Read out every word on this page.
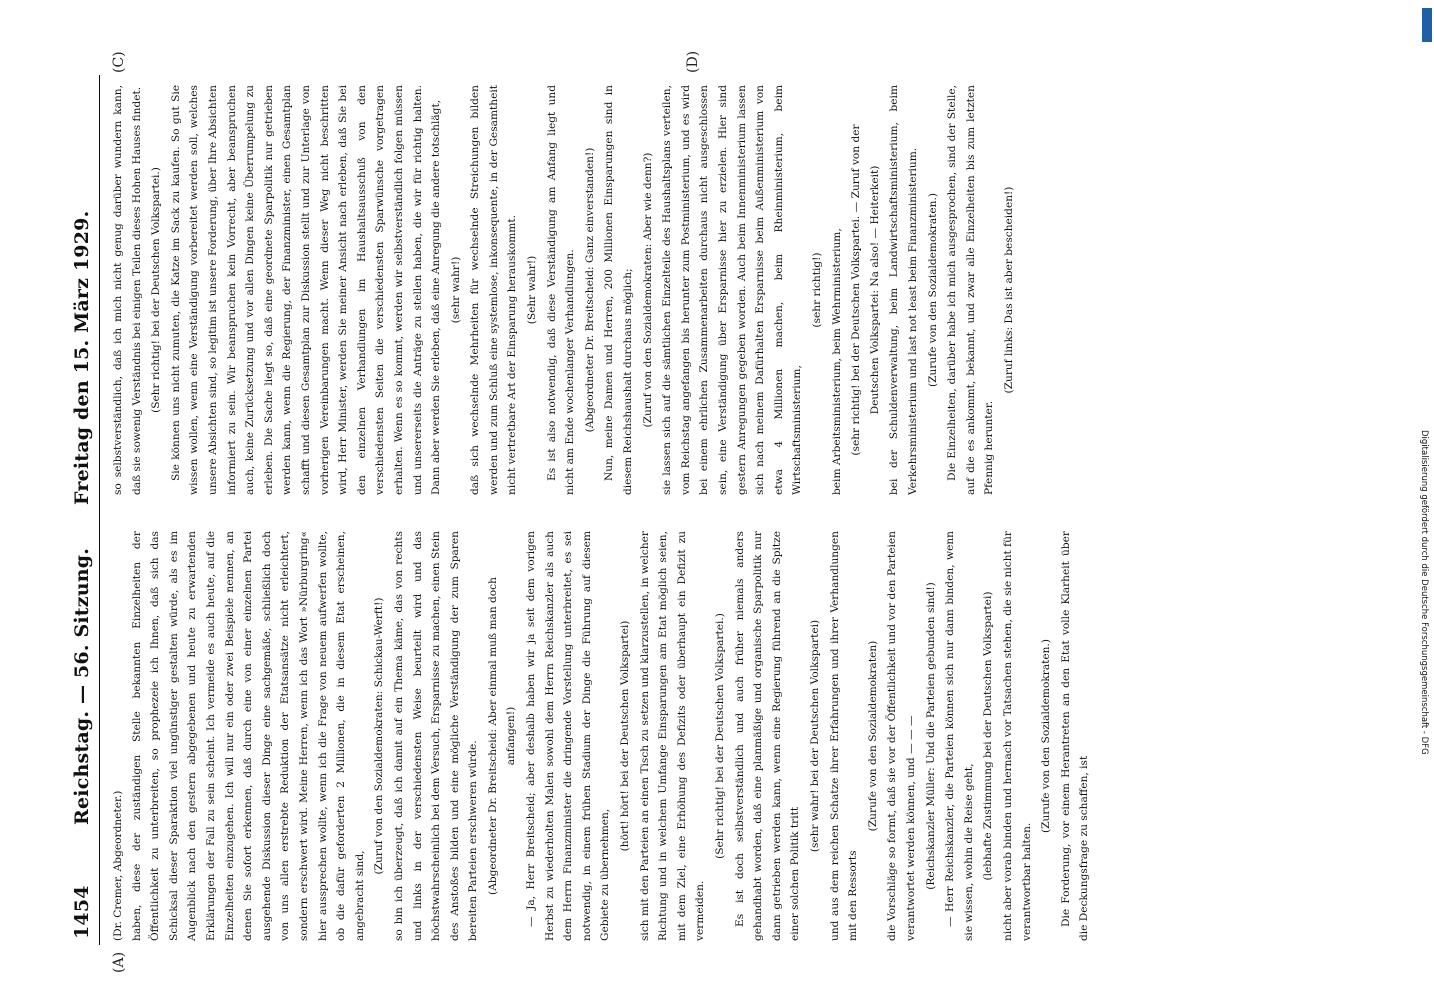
1454
Reichstag. — 56. Sitzung.
Freitag den 15. März 1929.
(A)
(C)	(D)

(Dr. Cremer, Abgeordneter.) haben, diese der zuständigen Stelle bekannten Einzelheiten der Öffentlichkeit zu unterbreiten, so prophezeie ich Ihnen, daß sich das Schicksal dieser Sparaktion viel ungünstiger gestalten würde, als es im Augenblick nach den gestern abgegebenen und heute zu erwartenden Erklärungen der Fall zu sein scheint. Ich vermeide es auch heute, auf die Einzelheiten einzugehen. Ich will nur ein oder zwei Beispiele nennen, an denen Sie sofort erkennen, daß durch eine von einer einzelnen Partei ausgehende Diskussion dieser Dinge eine sachgemäße, schließlich doch von uns allen erstrebte Reduktion der Etatsansätze nicht erleichtert, sondern erschwert wird. Meine Herren, wenn ich das Wort »Nürburgring« hier aussprechen wollte, wenn ich die Frage von neuem aufwerfen wollte, ob die dafür geforderten 2 Millionen, die in diesem Etat erscheinen, angebracht sind,

(Zuruf von den Sozialdemokraten: Schickau-Werft!) so bin ich überzeugt, daß ich damit auf ein Thema käme, das von rechts und links in der verschiedensten Weise beurteilt wird und das höchstwahrscheinlich bei dem Versuch, Ersparnisse zu machen, einen Stein des Anstoßes bilden und eine mögliche Verständigung der zum Sparen bereiten Parteien erschweren würde. (Abgeordneter Dr. Breitscheid: Aber einmal muß man doch anfangen!) — Ja, Herr Breitscheid; aber deshalb haben wir ja seit dem vorigen Herbst zu wiederholten Malen sowohl dem Herrn Reichskanzler als auch dem Herrn Finanzminister die dringende Vorstellung unterbreitet, es sei notwendig, in einem frühen Stadium der Dinge die Führung auf diesem Gebiete zu übernehmen,

(hört! hört! bei der Deutschen Volkspartei) sich mit den Parteien an einen Tisch zu setzen und klarzustellen, in welcher Richtung und in welchem Umfange Einsparungen am Etat möglich seien, mit dem Ziel, eine Erhöhung des Defizits oder überhaupt ein Defizit zu vermeiden.

(Sehr richtig! bei der Deutschen Volkspartei.) Es ist doch selbstverständlich und auch früher niemals anders gehandhabt worden, daß eine planmäßige und organische Sparpolitik nur dann getrieben werden kann, wenn eine Regierung führend an die Spitze einer solchen Politik tritt

(sehr wahr! bei der Deutschen Volkspartei) und aus dem reichen Schatze ihrer Erfahrungen und ihrer Verhandlungen mit den Ressorts

(Zurufe von den Sozialdemokraten) die Vorschläge so formt, daß sie vor der Öffentlichkeit und vor den Parteien verantwortet werden können, und — — — (Reichskanzler Müller: Und die Parteien gebunden sind!) — Herr Reichskanzler, die Parteien können sich nur dann binden, wenn sie wissen, wohin die Reise geht, (lebhafte Zustimmung bei der Deutschen Volkspartei) nicht aber vorab binden und hernach vor Tatsachen stehen, die sie nicht für verantwortbar halten.

(Zurufe von den Sozialdemokraten.) Die Forderung, vor einem Herantreten an den Etat volle Klarheit über die Deckungsfrage zu schaffen, ist

so selbstverständlich, daß ich mich nicht genug darüber wundern kann, daß sie sowenig Verständnis bei einigen Teilen dieses Hohen Hauses findet. (Sehr richtig! bei der Deutschen Volkspartei.) Sie können uns nicht zumuten, die Katze im Sack zu kaufen. So gut Sie wissen wollen, wenn eine Verständigung vorbereitet werden soll, welches unsere Absichten sind, so legitim ist unsere Forderung, über Ihre Absichten informiert zu sein. Wir beanspruchen kein Vorrecht, aber beanspruchen auch, keine Zurücksetzung und vor allen Dingen keine Überrumpelung zu erleben. Die Sache liegt so, daß eine geordnete Sparpolitik nur getrieben werden kann, wenn die Regierung, der Finanzminister, einen Gesamtplan schafft und diesen Gesamtplan zur Diskussion stellt und zur Unterlage von vorherigen Vereinbarungen macht. Wenn dieser Weg nicht beschritten wird, Herr Minister, werden Sie meiner Ansicht nach erleben, daß Sie bei den einzelnen Verhandlungen im Haushaltsausschuß von den verschiedensten Seiten die verschiedensten Sparwünsche vorgetragen erhalten. Wenn es so kommt, werden wir selbstverständlich folgen müssen und unsererseits die Anträge zu stellen haben, die wir für richtig halten. Dann aber werden Sie erleben, daß eine Anregung die andere totschlägt, (sehr wahr!) daß sich wechselnde Mehrheiten für wechselnde Streichungen bilden werden und zum Schluß eine systemlose, inkonsequente, in der Gesamtheit nicht vertretbare Art der Einsparung herauskommt. (Sehr wahr!) Es ist also notwendig, daß diese Verständigung am Anfang liegt und nicht am Ende wochenlanger Verhandlungen. (Abgeordneter Dr. Breitscheid: Ganz einverstanden!) Nun, meine Damen und Herren, 200 Millionen Einsparungen sind in diesem Reichshaushalt durchaus möglich; (Zuruf von den Sozialdemokraten: Aber wie denn?) sie lassen sich auf die sämtlichen Einzelteile des Haushaltsplans verteilen, vom Reichstag angefangen bis herunter zum Postministerium, und es wird bei einem ehrlichen Zusammenarbeiten durchaus nicht ausgeschlossen sein, eine Verständigung über Ersparnisse hier zu erzielen. Hier sind gestern Anregungen gegeben worden. Auch beim Innenministerium lassen sich nach meinem Dafürhalten Ersparnisse beim Außenministerium von etwa 4 Millionen machen, beim Rheinministerium, beim Wirtschaftsministerium,

(sehr richtig!) beim Arbeitsministerium, beim Wehrministerium, (sehr richtig! bei der Deutschen Volkspartei. — Zuruf von der Deutschen Volkspartei: Na also! — Heiterkeit) bei der Schuldenverwaltung, beim Landwirtschaftsministerium, beim Verkehrsministerium und last not least beim Finanzministerium. (Zurufe von den Sozialdemokraten.) Die Einzelheiten, darüber habe ich mich ausgesprochen, sind der Stelle, auf die es ankommt, bekannt, und zwar alle Einzelheiten bis zum letzten Pfennig herunter.

(Zuruf links: Das ist aber bescheiden!)

Digitalisierung gefördert durch die Deutsche Forschungsgemeinschaft - DFG
